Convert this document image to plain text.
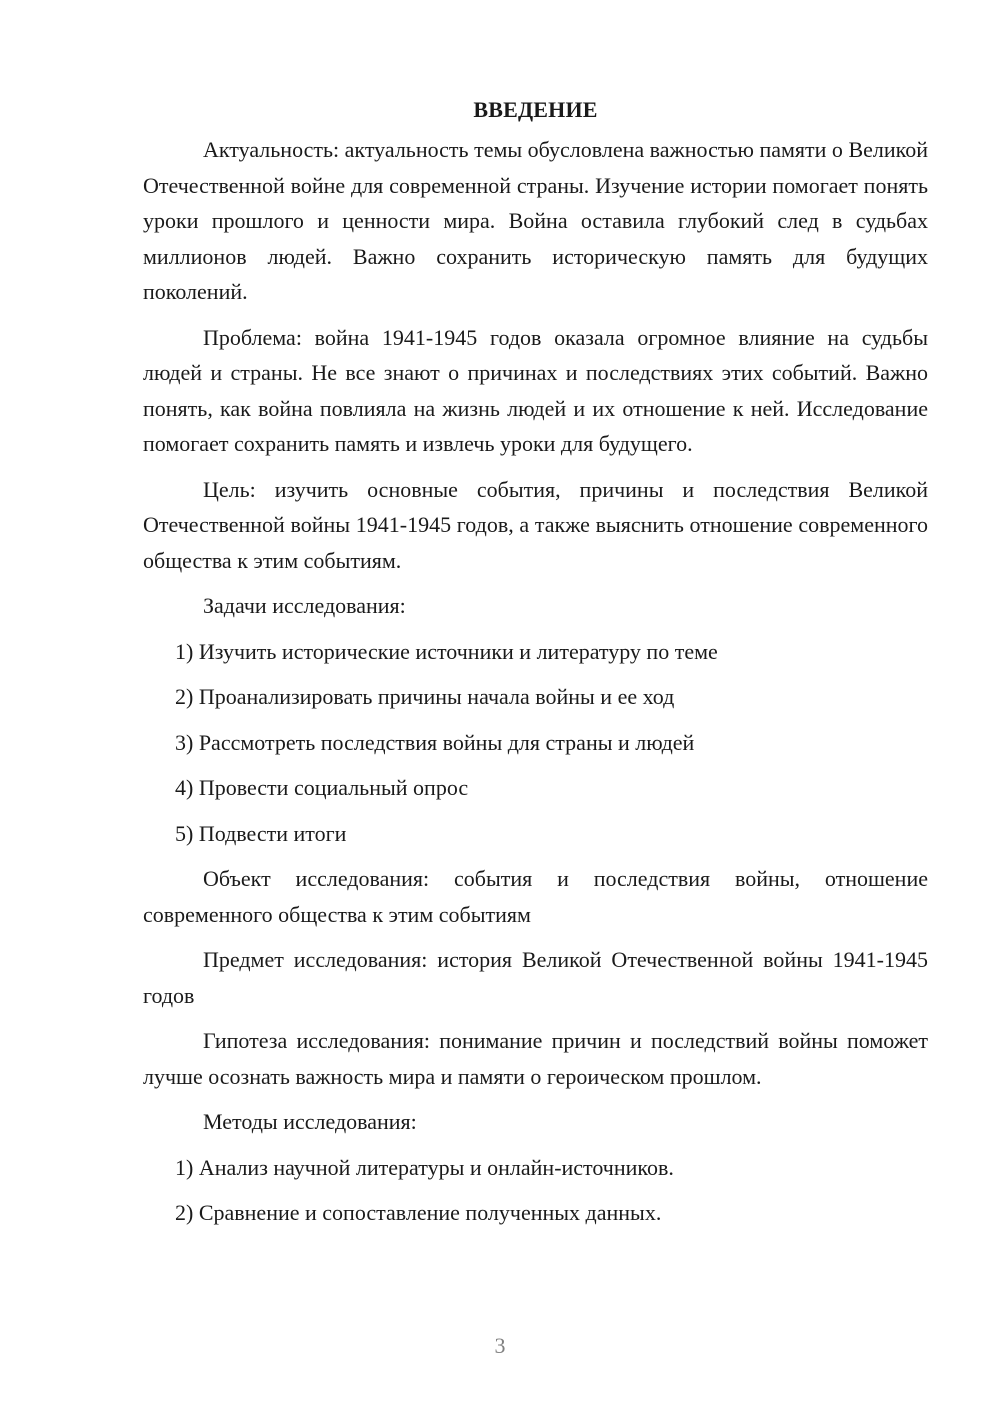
ВВЕДЕНИЕ

Актуальность: актуальность темы обусловлена важностью памяти о Великой Отечественной войне для современной страны. Изучение истории помогает понять уроки прошлого и ценности мира. Война оставила глубокий след в судьбах миллионов людей. Важно сохранить историческую память для будущих поколений.

Проблема: война 1941-1945 годов оказала огромное влияние на судьбы людей и страны. Не все знают о причинах и последствиях этих событий. Важно понять, как война повлияла на жизнь людей и их отношение к ней. Исследование помогает сохранить память и извлечь уроки для будущего.

Цель: изучить основные события, причины и последствия Великой Отечественной войны 1941-1945 годов, а также выяснить отношение современного общества к этим событиям.

Задачи исследования:

1) Изучить исторические источники и литературу по теме
2) Проанализировать причины начала войны и ее ход
3) Рассмотреть последствия войны для страны и людей
4) Провести социальный опрос
5) Подвести итоги

Объект исследования: события и последствия войны, отношение современного общества к этим событиям

Предмет исследования: история Великой Отечественной войны 1941-1945 годов

Гипотеза исследования: понимание причин и последствий войны поможет лучше осознать важность мира и памяти о героическом прошлом.

Методы исследования:

1) Анализ научной литературы и онлайн-источников.
2) Сравнение и сопоставление полученных данных.
3
